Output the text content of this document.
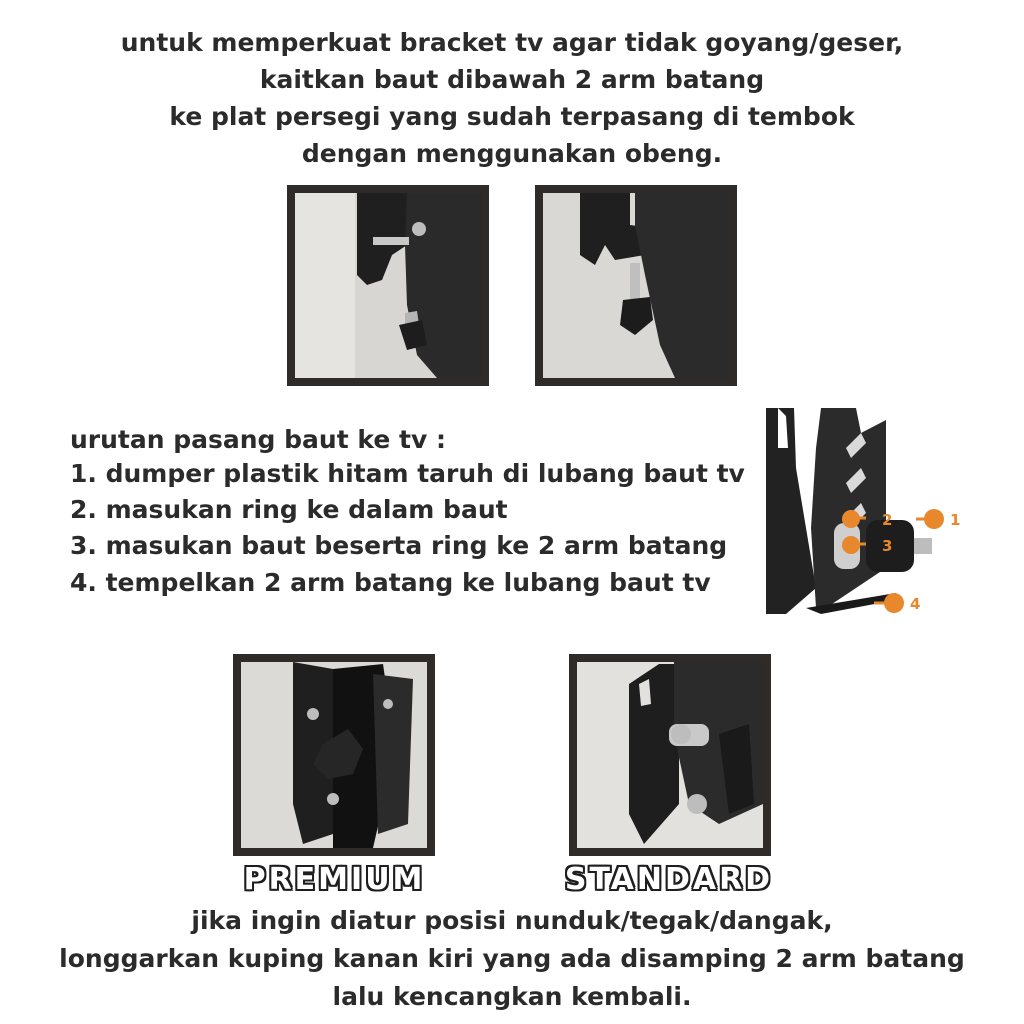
untuk memperkuat bracket tv agar tidak goyang/geser,
kaitkan baut dibawah 2 arm batang
ke plat persegi yang sudah terpasang di tembok
dengan menggunakan obeng.
urutan pasang baut ke tv :
1. dumper plastik hitam taruh di lubang baut tv
2. masukan ring ke dalam baut
3. masukan baut beserta ring ke 2 arm batang
4. tempelkan 2 arm batang ke lubang baut tv
1
2
3
4
PREMIUM	STANDARD
jika ingin diatur posisi nunduk/tegak/dangak,
longgarkan kuping kanan kiri yang ada disamping 2 arm batang
lalu kencangkan kembali.
